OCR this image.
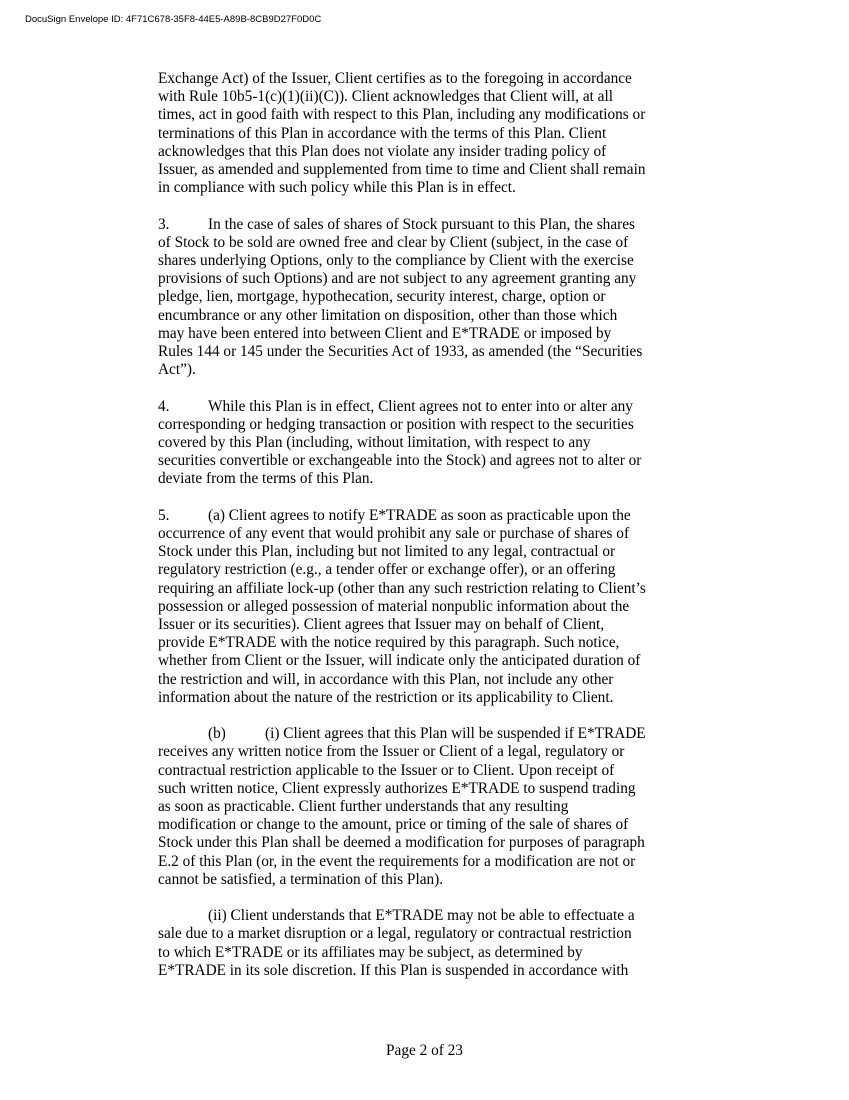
DocuSign Envelope ID: 4F71C678-35F8-44E5-A89B-8CB9D27F0D0C
Exchange Act) of the Issuer, Client certifies as to the foregoing in accordance
with Rule 10b5-1(c)(1)(ii)(C)). Client acknowledges that Client will, at all
times, act in good faith with respect to this Plan, including any modifications or
terminations of this Plan in accordance with the terms of this Plan. Client
acknowledges that this Plan does not violate any insider trading policy of
Issuer, as amended and supplemented from time to time and Client shall remain
in compliance with such policy while this Plan is in effect.
3.	In the case of sales of shares of Stock pursuant to this Plan, the shares
of Stock to be sold are owned free and clear by Client (subject, in the case of
shares underlying Options, only to the compliance by Client with the exercise
provisions of such Options) and are not subject to any agreement granting any
pledge, lien, mortgage, hypothecation, security interest, charge, option or
encumbrance or any other limitation on disposition, other than those which
may have been entered into between Client and E*TRADE or imposed by
Rules 144 or 145 under the Securities Act of 1933, as amended (the “Securities
Act”).
4.	While this Plan is in effect, Client agrees not to enter into or alter any
corresponding or hedging transaction or position with respect to the securities
covered by this Plan (including, without limitation, with respect to any
securities convertible or exchangeable into the Stock) and agrees not to alter or
deviate from the terms of this Plan.
5.	(a) Client agrees to notify E*TRADE as soon as practicable upon the
occurrence of any event that would prohibit any sale or purchase of shares of
Stock under this Plan, including but not limited to any legal, contractual or
regulatory restriction (e.g., a tender offer or exchange offer), or an offering
requiring an affiliate lock-up (other than any such restriction relating to Client’s
possession or alleged possession of material nonpublic information about the
Issuer or its securities). Client agrees that Issuer may on behalf of Client,
provide E*TRADE with the notice required by this paragraph. Such notice,
whether from Client or the Issuer, will indicate only the anticipated duration of
the restriction and will, in accordance with this Plan, not include any other
information about the nature of the restriction or its applicability to Client.
(b)	(i) Client agrees that this Plan will be suspended if E*TRADE
receives any written notice from the Issuer or Client of a legal, regulatory or
contractual restriction applicable to the Issuer or to Client. Upon receipt of
such written notice, Client expressly authorizes E*TRADE to suspend trading
as soon as practicable. Client further understands that any resulting
modification or change to the amount, price or timing of the sale of shares of
Stock under this Plan shall be deemed a modification for purposes of paragraph
E.2 of this Plan (or, in the event the requirements for a modification are not or
cannot be satisfied, a termination of this Plan).
(ii) Client understands that E*TRADE may not be able to effectuate a
sale due to a market disruption or a legal, regulatory or contractual restriction
to which E*TRADE or its affiliates may be subject, as determined by
E*TRADE in its sole discretion. If this Plan is suspended in accordance with
Page 2 of 23
